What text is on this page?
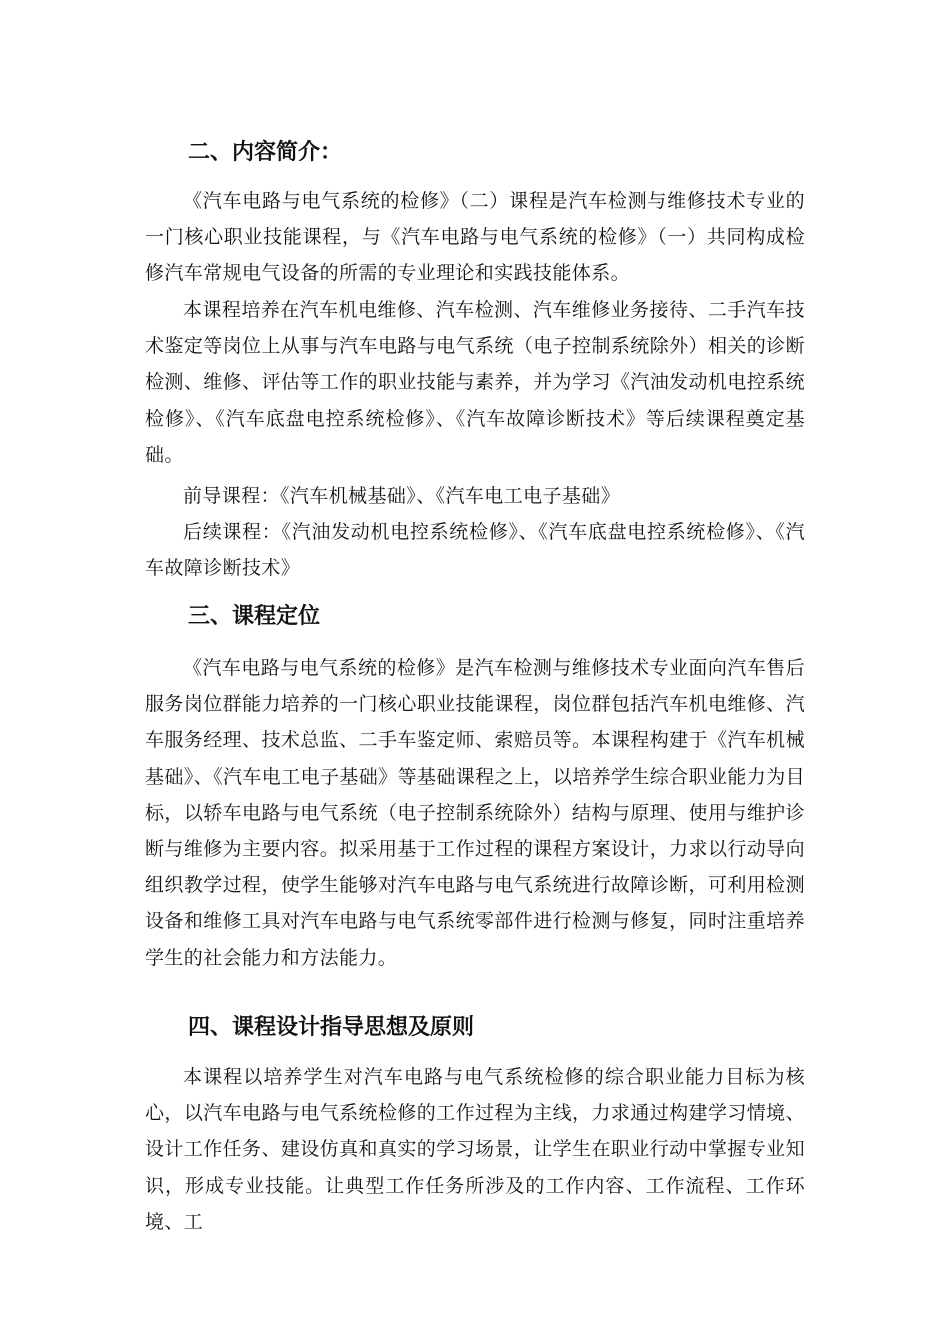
二、内容简介：

《汽车电路与电气系统的检修》（二）课程是汽车检测与维修技术专业的一门核心职业技能课程，与《汽车电路与电气系统的检修》（一）共同构成检修汽车常规电气设备的所需的专业理论和实践技能体系。

本课程培养在汽车机电维修、汽车检测、汽车维修业务接待、二手汽车技术鉴定等岗位上从事与汽车电路与电气系统（电子控制系统除外）相关的诊断检测、维修、评估等工作的职业技能与素养，并为学习《汽油发动机电控系统检修》、《汽车底盘电控系统检修》、《汽车故障诊断技术》等后续课程奠定基础。

前导课程：《汽车机械基础》、《汽车电工电子基础》

后续课程：《汽油发动机电控系统检修》、《汽车底盘电控系统检修》、《汽车故障诊断技术》

三、课程定位

《汽车电路与电气系统的检修》是汽车检测与维修技术专业面向汽车售后服务岗位群能力培养的一门核心职业技能课程，岗位群包括汽车机电维修、汽车服务经理、技术总监、二手车鉴定师、索赔员等。本课程构建于《汽车机械基础》、《汽车电工电子基础》等基础课程之上，以培养学生综合职业能力为目标，以轿车电路与电气系统（电子控制系统除外）结构与原理、使用与维护诊断与维修为主要内容。拟采用基于工作过程的课程方案设计，力求以行动导向组织教学过程，使学生能够对汽车电路与电气系统进行故障诊断，可利用检测设备和维修工具对汽车电路与电气系统零部件进行检测与修复，同时注重培养学生的社会能力和方法能力。

四、课程设计指导思想及原则

本课程以培养学生对汽车电路与电气系统检修的综合职业能力目标为核心，以汽车电路与电气系统检修的工作过程为主线，力求通过构建学习情境、设计工作任务、建设仿真和真实的学习场景，让学生在职业行动中掌握专业知识，形成专业技能。让典型工作任务所涉及的工作内容、工作流程、工作环境、工
